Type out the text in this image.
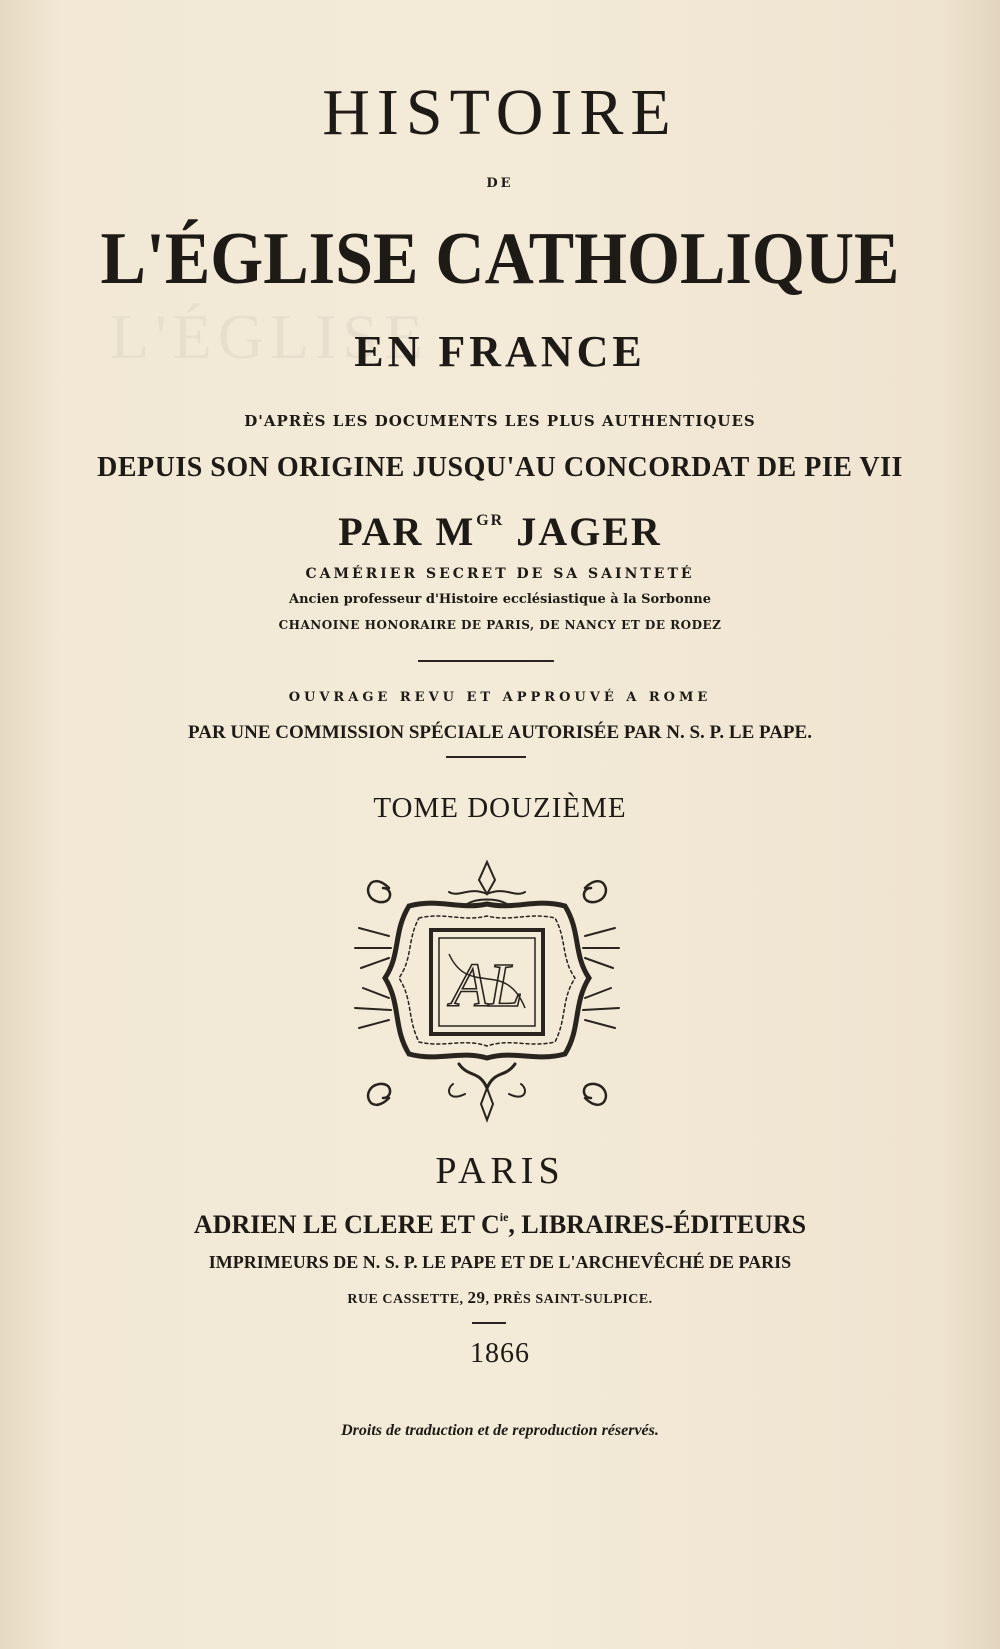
HISTOIRE
DE
L'ÉGLISE CATHOLIQUE
EN FRANCE
D'APRÈS LES DOCUMENTS LES PLUS AUTHENTIQUES
DEPUIS SON ORIGINE JUSQU'AU CONCORDAT DE PIE VII
PAR $M^{GR}$ JAGER
CAMÉRIER SECRET DE SA SAINTETÉ
Ancien professeur d'Histoire ecclésiastique à la Sorbonne
CHANOINE HONORAIRE DE PARIS, DE NANCY ET DE RODEZ
OUVRAGE REVU ET APPROUVÉ A ROME
PAR UNE COMMISSION SPÉCIALE AUTORISÉE PAR N. S. P. LE PAPE.
TOME DOUZIÈME
AL
PARIS
ADRIEN LE CLERE ET $C^{ie}$, LIBRAIRES-ÉDITEURS
IMPRIMEURS DE N. S. P. LE PAPE ET DE L'ARCHEVÊCHÉ DE PARIS
RUE CASSETTE, 29, PRÈS SAINT-SULPICE.
1866
Droits de traduction et de reproduction réservés.
